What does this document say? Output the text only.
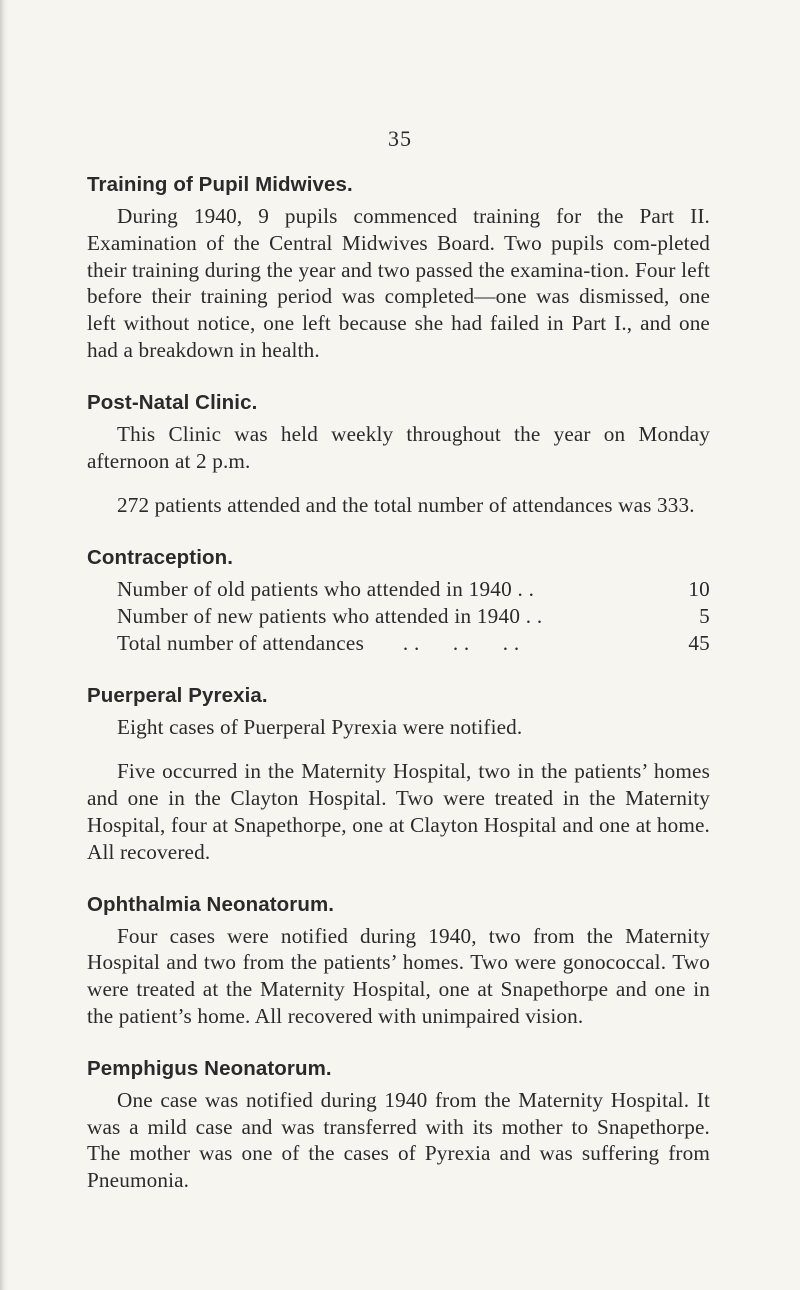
35
Training of Pupil Midwives.

During 1940, 9 pupils commenced training for the Part II. Examination of the Central Midwives Board. Two pupils com-pleted their training during the year and two passed the examina-tion. Four left before their training period was completed—one was dismissed, one left without notice, one left because she had failed in Part I., and one had a breakdown in health.

Post-Natal Clinic.

This Clinic was held weekly throughout the year on Monday afternoon at 2 p.m.

272 patients attended and the total number of attendances was 333.

Contraception.
Number of old patients who attended in 1940 . .	10
Number of new patients who attended in 1940 . .	5
Total number of attendances       . .      . .      . .	45
Puerperal Pyrexia.

Eight cases of Puerperal Pyrexia were notified.

Five occurred in the Maternity Hospital, two in the patients’ homes and one in the Clayton Hospital. Two were treated in the Maternity Hospital, four at Snapethorpe, one at Clayton Hospital and one at home. All recovered.

Ophthalmia Neonatorum.

Four cases were notified during 1940, two from the Maternity Hospital and two from the patients’ homes. Two were gonococcal. Two were treated at the Maternity Hospital, one at Snapethorpe and one in the patient’s home. All recovered with unimpaired vision.

Pemphigus Neonatorum.

One case was notified during 1940 from the Maternity Hospital. It was a mild case and was transferred with its mother to Snapethorpe. The mother was one of the cases of Pyrexia and was suffering from Pneumonia.
